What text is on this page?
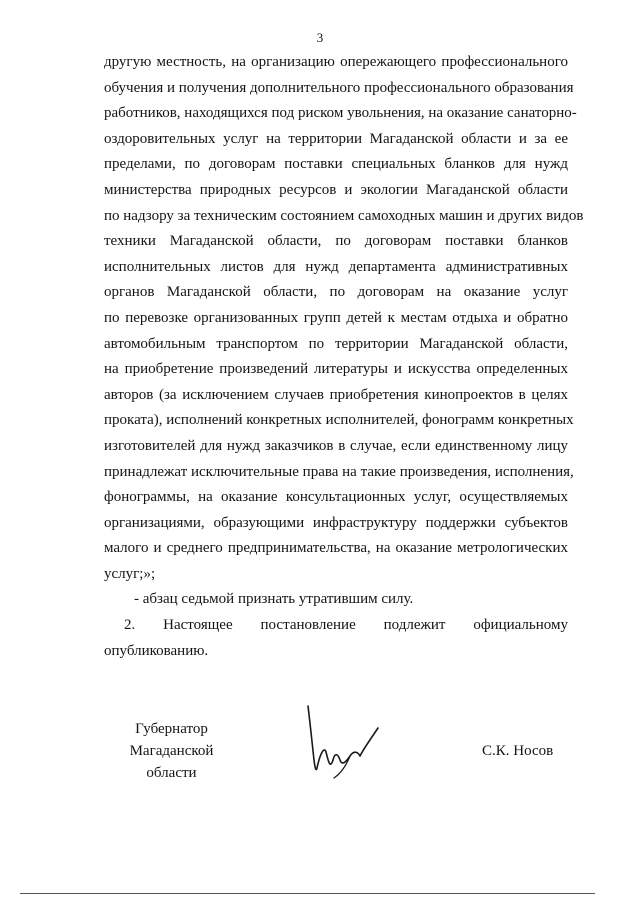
3
другую местность, на организацию опережающего профессионального
обучения и получения дополнительного профессионального образования
работников, находящихся под риском увольнения, на оказание санаторно-
оздоровительных услуг на территории Магаданской области и за ее
пределами, по договорам поставки специальных бланков для нужд
министерства природных ресурсов и экологии Магаданской области
по надзору за техническим состоянием самоходных машин и других видов
техники Магаданской области, по договорам поставки бланков
исполнительных листов для нужд департамента административных
органов Магаданской области, по договорам на оказание услуг
по перевозке организованных групп детей к местам отдыха и обратно
автомобильным транспортом по территории Магаданской области,
на приобретение произведений литературы и искусства определенных
авторов (за исключением случаев приобретения кинопроектов в целях
проката), исполнений конкретных исполнителей, фонограмм конкретных
изготовителей для нужд заказчиков в случае, если единственному лицу
принадлежат исключительные права на такие произведения, исполнения,
фонограммы, на оказание консультационных услуг, осуществляемых
организациями, образующими инфраструктуру поддержки субъектов
малого и среднего предпринимательства, на оказание метрологических
услуг;»;
- абзац седьмой признать утратившим силу.
2.      Настоящее      постановление      подлежит      официальному
опубликованию.
Губернатор
Магаданской области
С.К. Носов
